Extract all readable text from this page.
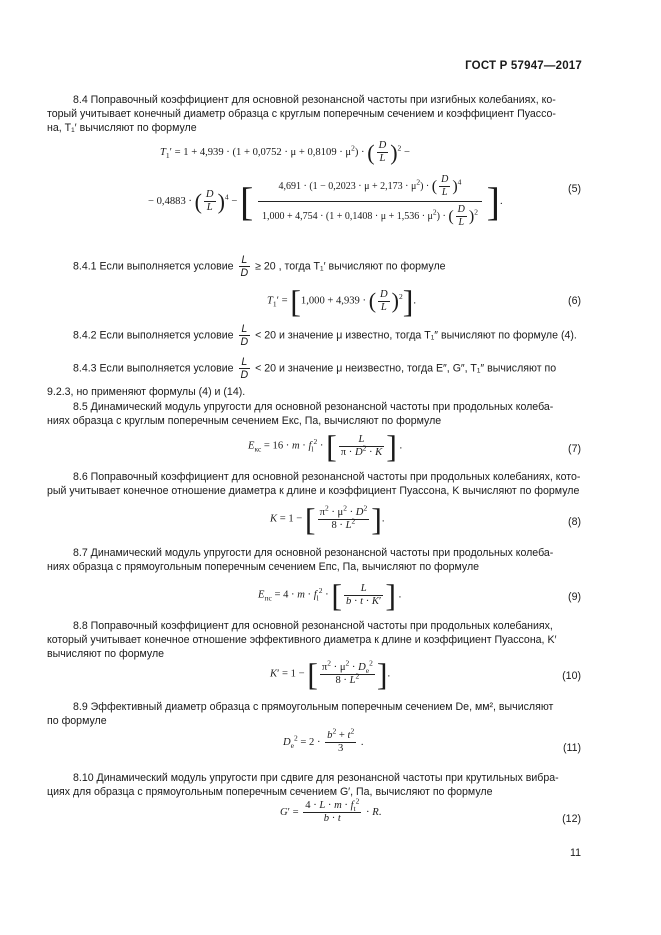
ГОСТ Р 57947—2017
8.4 Поправочный коэффициент для основной резонансной частоты при изгибных колебаниях, ко-
торый учитывает конечный диаметр образца с круглым поперечным сечением и коэффициент Пуассо-
на, T₁′ вычисляют по формуле
$T_1' = 1 + 4,939 \cdot (1 + 0,0752 \cdot \mu + 0,8109 \cdot \mu^2)$ · ( $\frac{D}{L} )^2$ −
− 0,4883 · ( $\frac{D}{L} )^4$ − [ $\frac{4,691 \cdot (1 - 0,2023 \cdot \mu + 2,173 \cdot \mu^2) \cdot ( \frac{D}{L} )^4}{1,000 + 4,754 \cdot (1 + 0,1408 \cdot \mu + 1,536 \cdot \mu^2) \cdot ( \frac{D}{L} )^2}$ ].
(5)
8.4.1 Если выполняется условие $\frac{L}{D} \ge 20$ , тогда T₁′ вычисляют по формуле
$T_1' = [1,000 + 4,939$ · ( $\frac{D}{L} )^2$].	(6)
8.4.2 Если выполняется условие $\frac{L}{D} < 20$ и значение μ известно, тогда T₁″ вычисляют по формуле (4).
8.4.3 Если выполняется условие $\frac{L}{D} < 20$ и значение μ неизвестно, тогда E″, G″, T₁″ вычисляют по
9.2.3, но применяют формулы (4) и (14).
8.5 Динамический модуль упругости для основной резонансной частоты при продольных колеба-
ниях образца с круглым поперечным сечением Eкс, Па, вычисляют по формуле
$E_{кс} = 16 \cdot m \cdot f_l^2$ · [ $\frac{L}{\pi \cdot D^2 \cdot K}$ ] .	(7)
8.6 Поправочный коэффициент для основной резонансной частоты при продольных колебаниях, кото-
рый учитывает конечное отношение диаметра к длине и коэффициент Пуассона, K вычисляют по формуле
K = 1 − [ $\frac{\pi^2 \cdot \mu^2 \cdot D^2}{8 \cdot L^2}$ ].	(8)
8.7 Динамический модуль упругости для основной резонансной частоты при продольных колеба-
ниях образца с прямоугольным поперечным сечением Eпс, Па, вычисляют по формуле
$E_{пс} = 4 \cdot m \cdot f_l^2$ · [ $\frac{L}{b \cdot t \cdot K'}$ ] .	(9)
8.8 Поправочный коэффициент для основной резонансной частоты при продольных колебаниях,
который учитывает конечное отношение эффективного диаметра к длине и коэффициент Пуассона, K′
вычисляют по формуле
K′ = 1 − [ $\frac{\pi^2 \cdot \mu^2 \cdot D_e^2}{8 \cdot L^2}$ ].	(10)
8.9 Эффективный диаметр образца с прямоугольным поперечным сечением De, мм², вычисляют
по формуле
$D_e^2 = 2 \cdot \frac{b^2 + t^2}{3}$ .	(11)
8.10 Динамический модуль упругости при сдвиге для резонансной частоты при крутильных вибра-
циях для образца с прямоугольным поперечным сечением G′, Па, вычисляют по формуле
$G' = \frac{4 \cdot L \cdot m \cdot f_t^2}{b \cdot t} \cdot R$.
(12)
11
